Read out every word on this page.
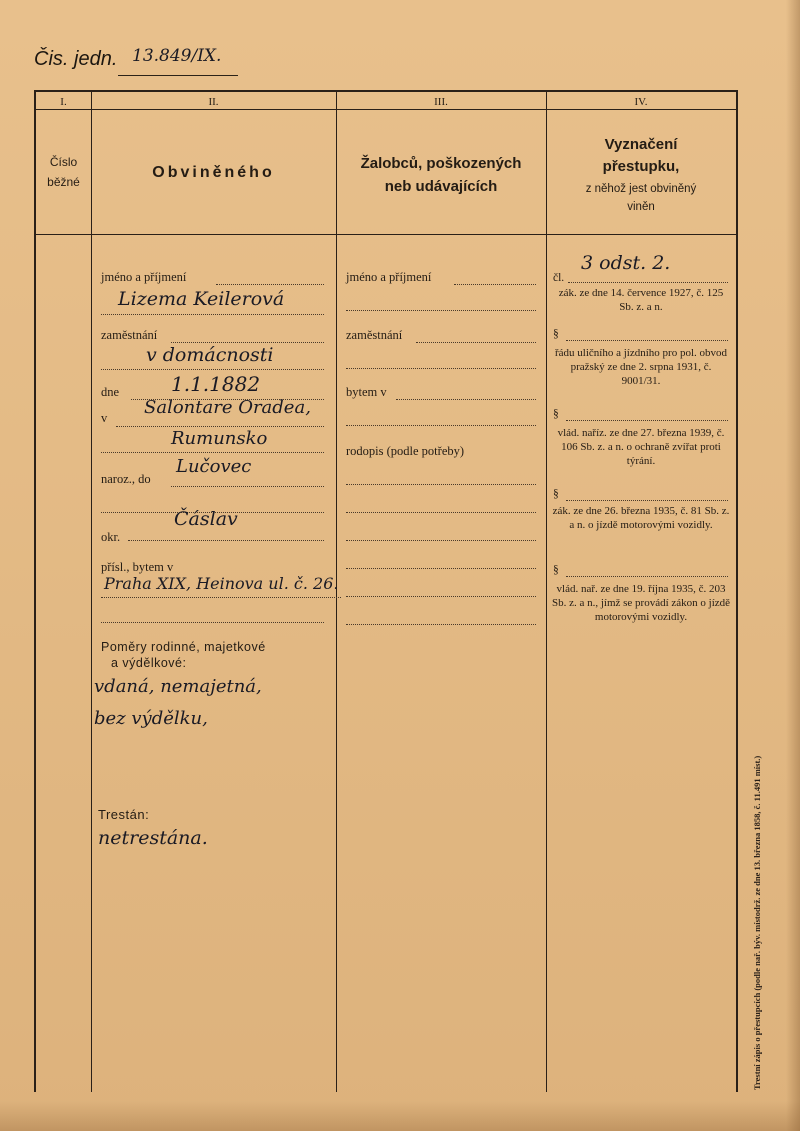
Čis. jedn. 13.849/IX.
I.	II.	III.	IV.
Číslo
běžné
Obviněného
Žalobců, poškozených
neb udávajících
Vyznačení
přestupku,
z něhož jest obviněný
viněn
jméno a příjmení
Lizema Keilerová
zaměstnání
v domácnosti
dne	1.1.1882
v Salontare Oradea,
Rumunsko
naroz., do
Lučovec
okr.
Čáslav
přísl., bytem v
Praha XIX, Heinova ul. č. 26.
Poměry rodinné, majetkové
a výdělkové:
vdaná, nemajetná,
bez výdělku,
Trestán:
netrestána.
jméno a příjmení
zaměstnání
bytem v
rodopis (podle potřeby)
čl.
3 odst. 2.
zák. ze dne 14. července 1927, č. 125 Sb. z. a n.
§
řádu uličního a jízdního pro pol. obvod pražský ze dne 2. srpna 1931, č. 9001/31.
§
vlád. naříz. ze dne 27. března 1939, č. 106 Sb. z. a n. o ochraně zvířat proti týrání.
§
zák. ze dne 26. března 1935, č. 81 Sb. z. a n. o jízdě motorovými vozidly.
§
vlád. nař. ze dne 19. října 1935, č. 203 Sb. z. a n., jímž se provádí zákon o jízdě motorovými vozidly.
Trestní zápis o přestupcích (podle nař. býv. místodrž. ze dne 13. března 1858, č. 11.491 míst.)
